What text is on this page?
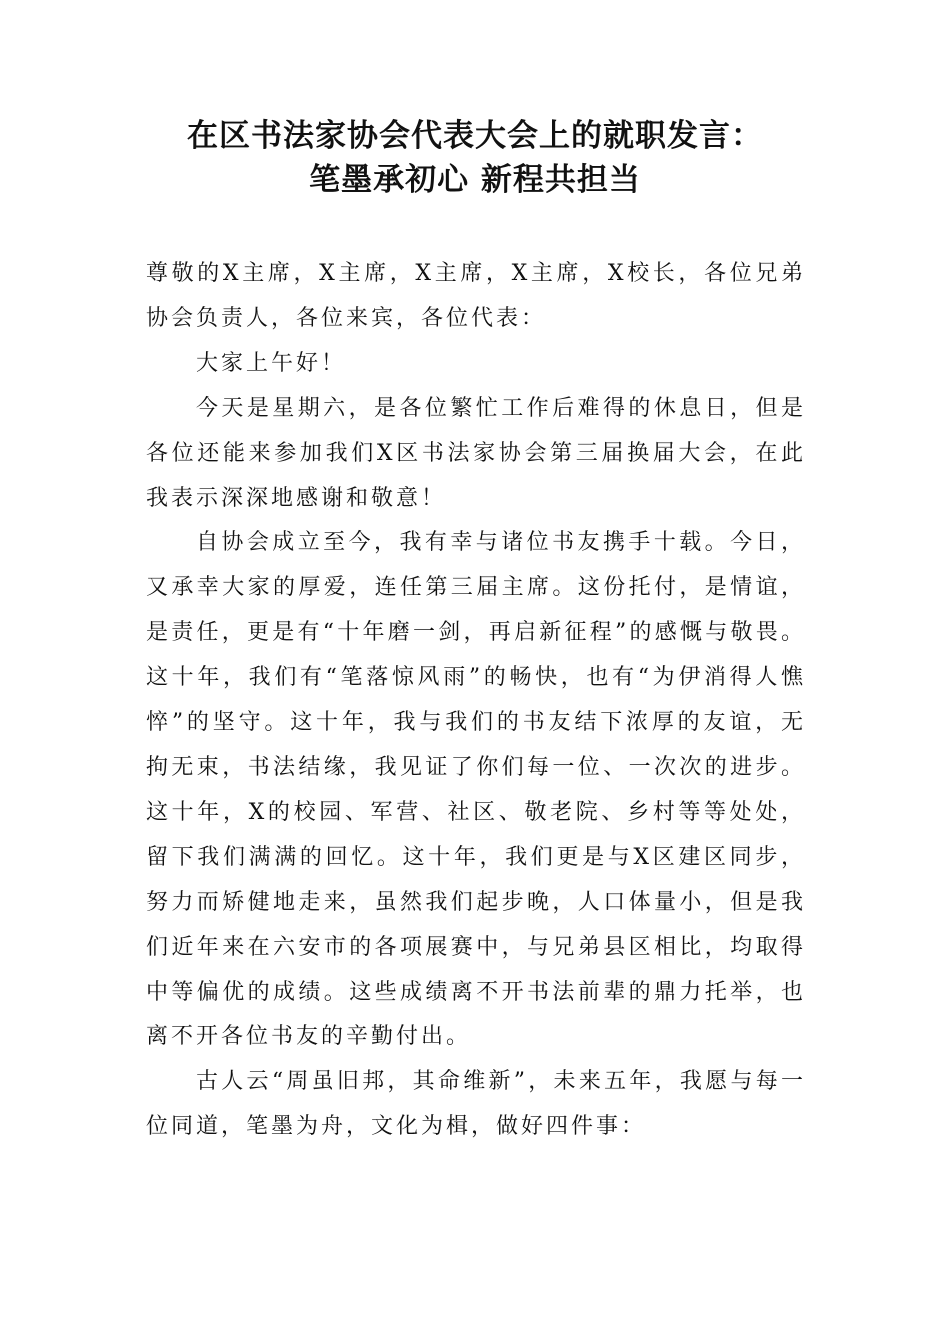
在区书法家协会代表大会上的就职发言：
笔墨承初心 新程共担当

尊敬的X主席，X主席，X主席，X主席，X校长，各位兄弟协会负责人，各位来宾，各位代表：

大家上午好！

今天是星期六，是各位繁忙工作后难得的休息日，但是各位还能来参加我们X区书法家协会第三届换届大会，在此我表示深深地感谢和敬意！

自协会成立至今，我有幸与诸位书友携手十载。今日，又承幸大家的厚爱，连任第三届主席。这份托付，是情谊，是责任，更是有“十年磨一剑，再启新征程”的感慨与敬畏。这十年，我们有“笔落惊风雨”的畅快，也有“为伊消得人憔悴”的坚守。这十年，我与我们的书友结下浓厚的友谊，无拘无束，书法结缘，我见证了你们每一位、一次次的进步。这十年，X的校园、军营、社区、敬老院、乡村等等处处，留下我们满满的回忆。这十年，我们更是与X区建区同步，努力而矫健地走来，虽然我们起步晚，人口体量小，但是我们近年来在六安市的各项展赛中，与兄弟县区相比，均取得中等偏优的成绩。这些成绩离不开书法前辈的鼎力托举，也离不开各位书友的辛勤付出。

古人云“周虽旧邦，其命维新”，未来五年，我愿与每一位同道，笔墨为舟，文化为楫，做好四件事：
